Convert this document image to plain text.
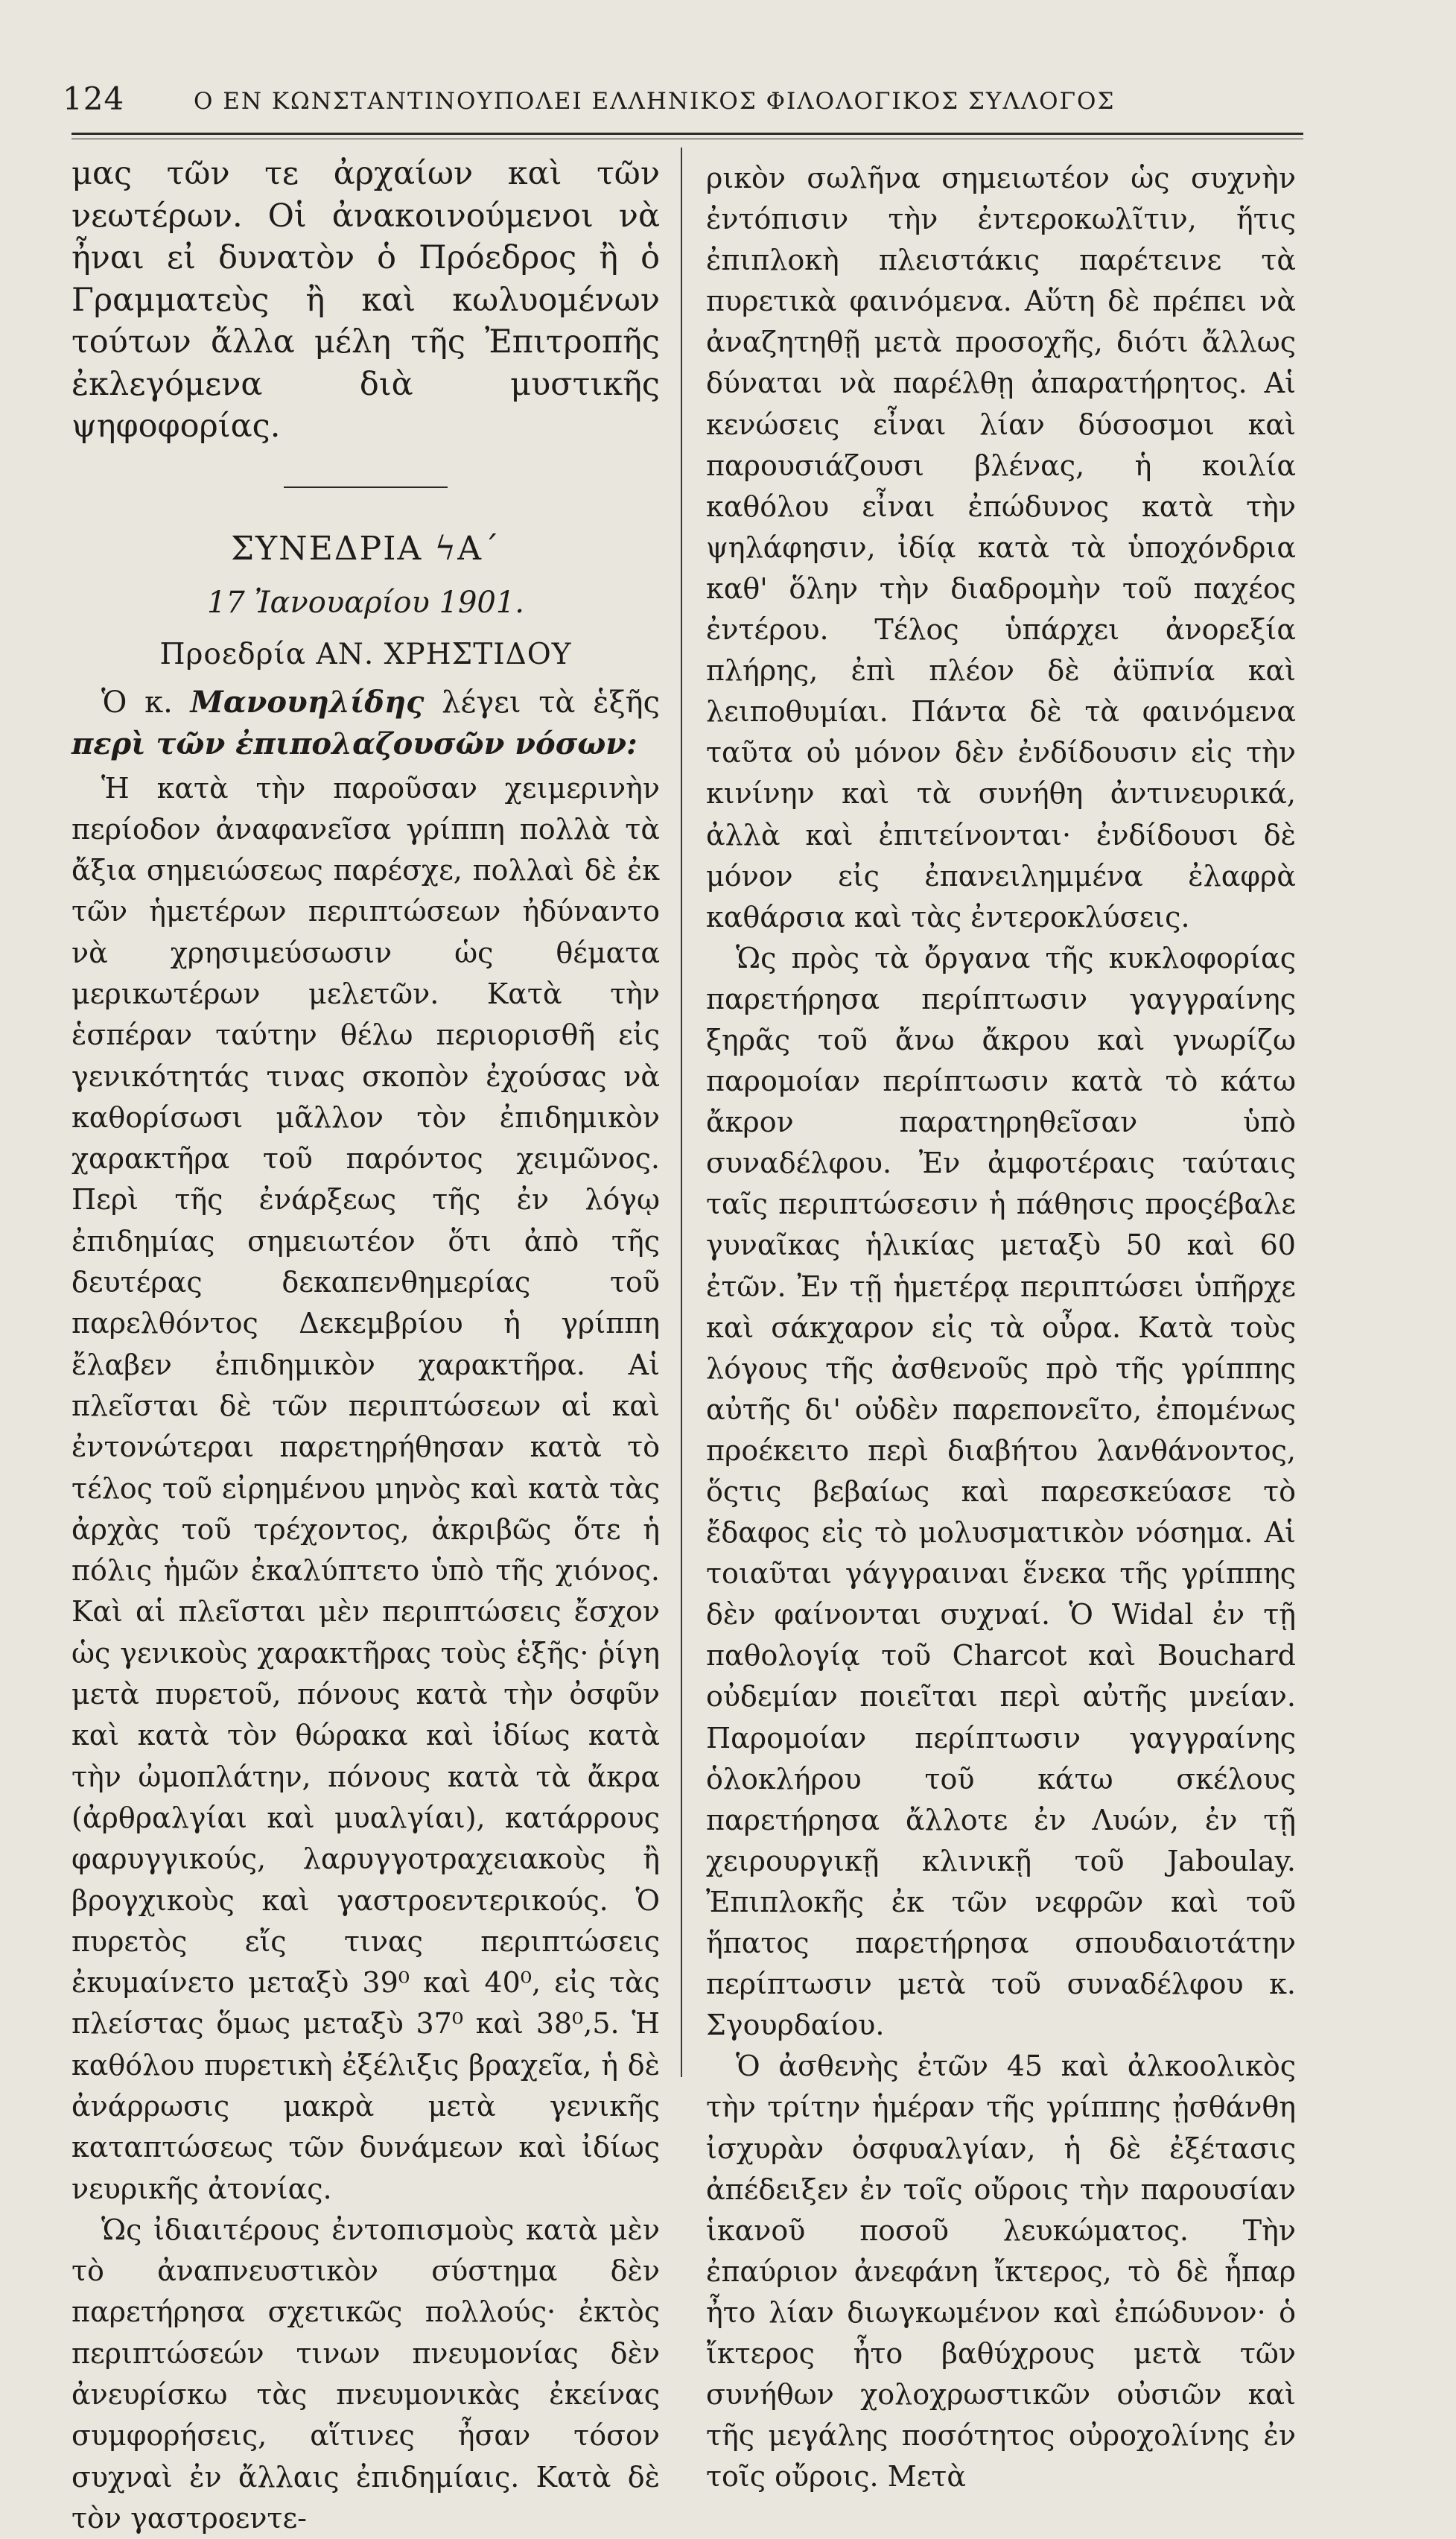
124	Ο ΕΝ ΚΩΝΣΤΑΝΤΙΝΟΥΠΟΛΕΙ ΕΛΛΗΝΙΚΟΣ ΦΙΛΟΛΟΓΙΚΟΣ ΣΥΛΛΟΓΟΣ

μας τῶν τε ἀρχαίων καὶ τῶν νεωτέρων. Οἱ ἀνακοινούμενοι νὰ ἦναι εἰ δυνατὸν ὁ Πρόεδρος ἢ ὁ Γραμματεὺς ἢ καὶ κωλυομένων τούτων ἄλλα μέλη τῆς Ἐπιτροπῆς ἐκλεγόμενα διὰ μυστικῆς ψηφοφορίας.

ΣΥΝΕΔΡΙΑ ϟΑ΄

17 Ἰανουαρίου 1901.

Προεδρία ΑΝ. ΧΡΗΣΤΙΔΟΥ

Ὁ κ. Μανουηλίδης λέγει τὰ ἑξῆς περὶ τῶν ἐπιπολαζουσῶν νόσων:

Ἡ κατὰ τὴν παροῦσαν χειμερινὴν περίοδον ἀναφανεῖσα γρίππη πολλὰ τὰ ἄξια σημειώσεως παρέσχε, πολλαὶ δὲ ἐκ τῶν ἡμετέρων περιπτώσεων ἠδύναντο νὰ χρησιμεύσωσιν ὡς θέματα μερικωτέρων μελετῶν. Κατὰ τὴν ἑσπέραν ταύτην θέλω περιορισθῆ εἰς γενικότητάς τινας σκοπὸν ἐχούσας νὰ καθορίσωσι μᾶλλον τὸν ἐπιδημικὸν χαρακτῆρα τοῦ παρόντος χειμῶνος. Περὶ τῆς ἐνάρξεως τῆς ἐν λόγῳ ἐπιδημίας σημειωτέον ὅτι ἀπὸ τῆς δευτέρας δεκαπενθημερίας τοῦ παρελθόντος Δεκεμβρίου ἡ γρίππη ἔλαβεν ἐπιδημικὸν χαρακτῆρα. Αἱ πλεῖσται δὲ τῶν περιπτώσεων αἱ καὶ ἐντονώτεραι παρετηρήθησαν κατὰ τὸ τέλος τοῦ εἰρημένου μηνὸς καὶ κατὰ τὰς ἀρχὰς τοῦ τρέχοντος, ἀκριβῶς ὅτε ἡ πόλις ἡμῶν ἐκαλύπτετο ὑπὸ τῆς χιόνος. Καὶ αἱ πλεῖσται μὲν περιπτώσεις ἔσχον ὡς γενικοὺς χαρακτῆρας τοὺς ἑξῆς· ῥίγη μετὰ πυρετοῦ, πόνους κατὰ τὴν ὀσφῦν καὶ κατὰ τὸν θώρακα καὶ ἰδίως κατὰ τὴν ὠμοπλάτην, πόνους κατὰ τὰ ἄκρα (ἀρθραλγίαι καὶ μυαλγίαι), κατάρρους φαρυγγικούς, λαρυγγοτραχειακοὺς ἢ βρογχικοὺς καὶ γαστροεντερικούς. Ὁ πυρετὸς εἴς τινας περιπτώσεις ἐκυμαίνετο μεταξὺ 39⁰ καὶ 40⁰, εἰς τὰς πλείστας ὅμως μεταξὺ 37⁰ καὶ 38⁰,5. Ἡ καθόλου πυρετικὴ ἐξέλιξις βραχεῖα, ἡ δὲ ἀνάρρωσις μακρὰ μετὰ γενικῆς καταπτώσεως τῶν δυνάμεων καὶ ἰδίως νευρικῆς ἀτονίας.

Ὡς ἰδιαιτέρους ἐντοπισμοὺς κατὰ μὲν τὸ ἀναπνευστικὸν σύστημα δὲν παρετήρησα σχετικῶς πολλούς· ἐκτὸς περιπτώσεών τινων πνευμονίας δὲν ἀνευρίσκω τὰς πνευμονικὰς ἐκείνας συμφορήσεις, αἵτινες ἦσαν τόσον συχναὶ ἐν ἄλλαις ἐπιδημίαις. Κατὰ δὲ τὸν γαστροεντε-

ρικὸν σωλῆνα σημειωτέον ὡς συχνὴν ἐντόπισιν τὴν ἐντεροκωλῖτιν, ἥτις ἐπιπλοκὴ πλειστάκις παρέτεινε τὰ πυρετικὰ φαινόμενα. Αὕτη δὲ πρέπει νὰ ἀναζητηθῇ μετὰ προσοχῆς, διότι ἄλλως δύναται νὰ παρέλθῃ ἀπαρατήρητος. Αἱ κενώσεις εἶναι λίαν δύσοσμοι καὶ παρουσιάζουσι βλένας, ἡ κοιλία καθόλου εἶναι ἐπώδυνος κατὰ τὴν ψηλάφησιν, ἰδίᾳ κατὰ τὰ ὑποχόνδρια καθ' ὅλην τὴν διαδρομὴν τοῦ παχέος ἐντέρου. Τέλος ὑπάρχει ἀνορεξία πλήρης, ἐπὶ πλέον δὲ ἀϋπνία καὶ λειποθυμίαι. Πάντα δὲ τὰ φαινόμενα ταῦτα οὐ μόνον δὲν ἐνδίδουσιν εἰς τὴν κινίνην καὶ τὰ συνήθη ἀντινευρικά, ἀλλὰ καὶ ἐπιτείνονται· ἐνδίδουσι δὲ μόνον εἰς ἐπανειλημμένα ἐλαφρὰ καθάρσια καὶ τὰς ἐντεροκλύσεις.

Ὡς πρὸς τὰ ὄργανα τῆς κυκλοφορίας παρετήρησα περίπτωσιν γαγγραίνης ξηρᾶς τοῦ ἄνω ἄκρου καὶ γνωρίζω παρομοίαν περίπτωσιν κατὰ τὸ κάτω ἄκρον παρατηρηθεῖσαν ὑπὸ συναδέλφου. Ἐν ἀμφοτέραις ταύταις ταῖς περιπτώσεσιν ἡ πάθησις προςέβαλε γυναῖκας ἡλικίας μεταξὺ 50 καὶ 60 ἐτῶν. Ἐν τῇ ἡμετέρᾳ περιπτώσει ὑπῆρχε καὶ σάκχαρον εἰς τὰ οὖρα. Κατὰ τοὺς λόγους τῆς ἀσθενοῦς πρὸ τῆς γρίππης αὐτῆς δι' οὐδὲν παρεπονεῖτο, ἐπομένως προέκειτο περὶ διαβήτου λανθάνοντος, ὅςτις βεβαίως καὶ παρεσκεύασε τὸ ἔδαφος εἰς τὸ μολυσματικὸν νόσημα. Αἱ τοιαῦται γάγγραιναι ἕνεκα τῆς γρίππης δὲν φαίνονται συχναί. Ὁ Widal ἐν τῇ παθολογίᾳ τοῦ Charcot καὶ Bouchard οὐδεμίαν ποιεῖται περὶ αὐτῆς μνείαν. Παρομοίαν περίπτωσιν γαγγραίνης ὁλοκλήρου τοῦ κάτω σκέλους παρετήρησα ἄλλοτε ἐν Λυών, ἐν τῇ χειρουργικῇ κλινικῇ τοῦ Jaboulay. Ἐπιπλοκῆς ἐκ τῶν νεφρῶν καὶ τοῦ ἥπατος παρετήρησα σπουδαιοτάτην περίπτωσιν μετὰ τοῦ συναδέλφου κ. Σγουρδαίου.

Ὁ ἀσθενὴς ἐτῶν 45 καὶ ἀλκοολικὸς τὴν τρίτην ἡμέραν τῆς γρίππης ᾐσθάνθη ἰσχυρὰν ὀσφυαλγίαν, ἡ δὲ ἐξέτασις ἀπέδειξεν ἐν τοῖς οὔροις τὴν παρουσίαν ἱκανοῦ ποσοῦ λευκώματος. Τὴν ἐπαύριον ἀνεφάνη ἴκτερος, τὸ δὲ ἧπαρ ἦτο λίαν διωγκωμένον καὶ ἐπώδυνον· ὁ ἴκτερος ἦτο βαθύχρους μετὰ τῶν συνήθων χολοχρωστικῶν οὐσιῶν καὶ τῆς μεγάλης ποσότητος οὐροχολίνης ἐν τοῖς οὔροις. Μετὰ
